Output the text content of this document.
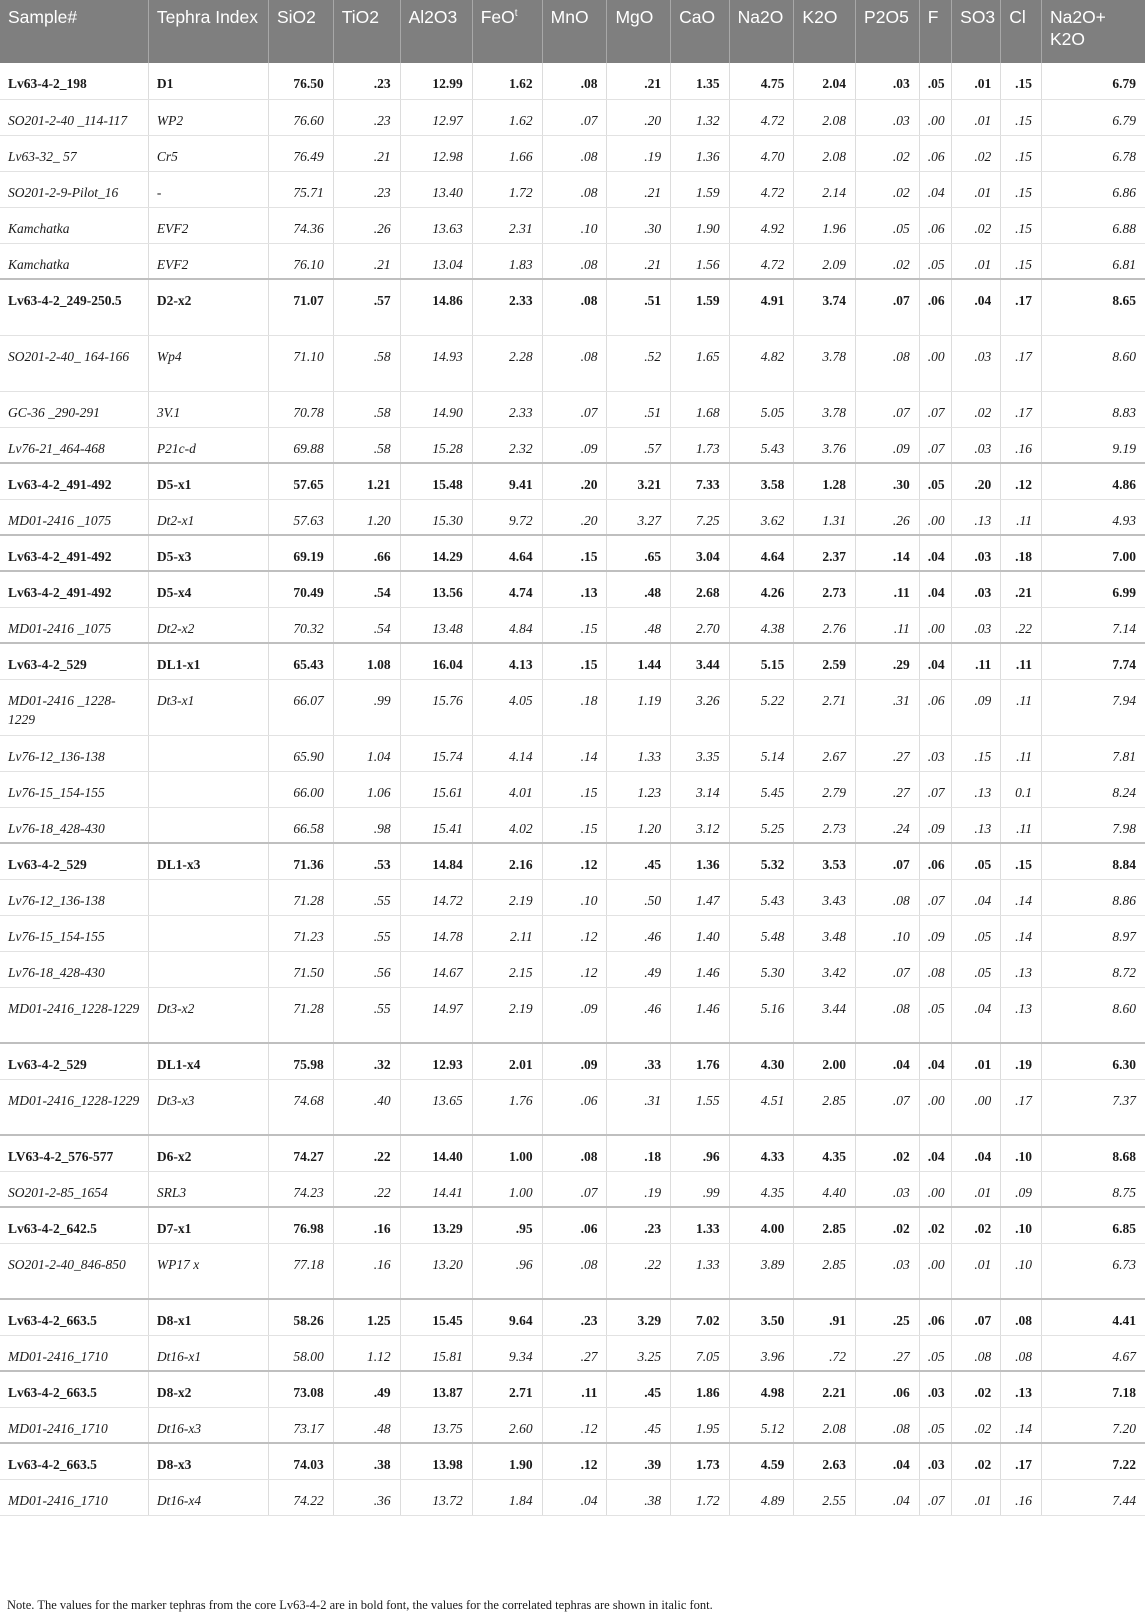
Sample#	Tephra Index	SiO2	TiO2	Al2O3	FeO$^t$	MnO	MgO	CaO	Na2O	K2O	P2O5	F	SO3	Cl	Na2O+ K2O
Lv63-4-2_198	D1	76.50	.23	12.99	1.62	.08	.21	1.35	4.75	2.04	.03	.05	.01	.15	6.79
SO201-2-40 _114-117	WP2	76.60	.23	12.97	1.62	.07	.20	1.32	4.72	2.08	.03	.00	.01	.15	6.79
Lv63-32_ 57	Cr5	76.49	.21	12.98	1.66	.08	.19	1.36	4.70	2.08	.02	.06	.02	.15	6.78
SO201-2-9-Pilot_16	-	75.71	.23	13.40	1.72	.08	.21	1.59	4.72	2.14	.02	.04	.01	.15	6.86
Kamchatka	EVF2	74.36	.26	13.63	2.31	.10	.30	1.90	4.92	1.96	.05	.06	.02	.15	6.88
Kamchatka	EVF2	76.10	.21	13.04	1.83	.08	.21	1.56	4.72	2.09	.02	.05	.01	.15	6.81
Lv63-4-2_249-250.5	D2-x2	71.07	.57	14.86	2.33	.08	.51	1.59	4.91	3.74	.07	.06	.04	.17	8.65
SO201-2-40_ 164-166	Wp4	71.10	.58	14.93	2.28	.08	.52	1.65	4.82	3.78	.08	.00	.03	.17	8.60
GC-36 _290-291	3V.1	70.78	.58	14.90	2.33	.07	.51	1.68	5.05	3.78	.07	.07	.02	.17	8.83
Lv76-21_464-468	P21c-d	69.88	.58	15.28	2.32	.09	.57	1.73	5.43	3.76	.09	.07	.03	.16	9.19
Lv63-4-2_491-492	D5-x1	57.65	1.21	15.48	9.41	.20	3.21	7.33	3.58	1.28	.30	.05	.20	.12	4.86
MD01-2416 _1075	Dt2-x1	57.63	1.20	15.30	9.72	.20	3.27	7.25	3.62	1.31	.26	.00	.13	.11	4.93
Lv63-4-2_491-492	D5-x3	69.19	.66	14.29	4.64	.15	.65	3.04	4.64	2.37	.14	.04	.03	.18	7.00
Lv63-4-2_491-492	D5-x4	70.49	.54	13.56	4.74	.13	.48	2.68	4.26	2.73	.11	.04	.03	.21	6.99
MD01-2416 _1075	Dt2-x2	70.32	.54	13.48	4.84	.15	.48	2.70	4.38	2.76	.11	.00	.03	.22	7.14
Lv63-4-2_529	DL1-x1	65.43	1.08	16.04	4.13	.15	1.44	3.44	5.15	2.59	.29	.04	.11	.11	7.74
MD01-2416 _1228-1229	Dt3-x1	66.07	.99	15.76	4.05	.18	1.19	3.26	5.22	2.71	.31	.06	.09	.11	7.94
Lv76-12_136-138		65.90	1.04	15.74	4.14	.14	1.33	3.35	5.14	2.67	.27	.03	.15	.11	7.81
Lv76-15_154-155		66.00	1.06	15.61	4.01	.15	1.23	3.14	5.45	2.79	.27	.07	.13	0.1	8.24
Lv76-18_428-430		66.58	.98	15.41	4.02	.15	1.20	3.12	5.25	2.73	.24	.09	.13	.11	7.98
Lv63-4-2_529	DL1-x3	71.36	.53	14.84	2.16	.12	.45	1.36	5.32	3.53	.07	.06	.05	.15	8.84
Lv76-12_136-138		71.28	.55	14.72	2.19	.10	.50	1.47	5.43	3.43	.08	.07	.04	.14	8.86
Lv76-15_154-155		71.23	.55	14.78	2.11	.12	.46	1.40	5.48	3.48	.10	.09	.05	.14	8.97
Lv76-18_428-430		71.50	.56	14.67	2.15	.12	.49	1.46	5.30	3.42	.07	.08	.05	.13	8.72
MD01-2416_1228-1229	Dt3-x2	71.28	.55	14.97	2.19	.09	.46	1.46	5.16	3.44	.08	.05	.04	.13	8.60
Lv63-4-2_529	DL1-x4	75.98	.32	12.93	2.01	.09	.33	1.76	4.30	2.00	.04	.04	.01	.19	6.30
MD01-2416_1228-1229	Dt3-x3	74.68	.40	13.65	1.76	.06	.31	1.55	4.51	2.85	.07	.00	.00	.17	7.37
LV63-4-2_576-577	D6-x2	74.27	.22	14.40	1.00	.08	.18	.96	4.33	4.35	.02	.04	.04	.10	8.68
SO201-2-85_1654	SRL3	74.23	.22	14.41	1.00	.07	.19	.99	4.35	4.40	.03	.00	.01	.09	8.75
Lv63-4-2_642.5	D7-x1	76.98	.16	13.29	.95	.06	.23	1.33	4.00	2.85	.02	.02	.02	.10	6.85
SO201-2-40_846-850	WP17 x	77.18	.16	13.20	.96	.08	.22	1.33	3.89	2.85	.03	.00	.01	.10	6.73
Lv63-4-2_663.5	D8-x1	58.26	1.25	15.45	9.64	.23	3.29	7.02	3.50	.91	.25	.06	.07	.08	4.41
MD01-2416_1710	Dt16-x1	58.00	1.12	15.81	9.34	.27	3.25	7.05	3.96	.72	.27	.05	.08	.08	4.67
Lv63-4-2_663.5	D8-x2	73.08	.49	13.87	2.71	.11	.45	1.86	4.98	2.21	.06	.03	.02	.13	7.18
MD01-2416_1710	Dt16-x3	73.17	.48	13.75	2.60	.12	.45	1.95	5.12	2.08	.08	.05	.02	.14	7.20
Lv63-4-2_663.5	D8-x3	74.03	.38	13.98	1.90	.12	.39	1.73	4.59	2.63	.04	.03	.02	.17	7.22
MD01-2416_1710	Dt16-x4	74.22	.36	13.72	1.84	.04	.38	1.72	4.89	2.55	.04	.07	.01	.16	7.44
Note. The values for the marker tephras from the core Lv63-4-2 are in bold font, the values for the correlated tephras are shown in italic font.
